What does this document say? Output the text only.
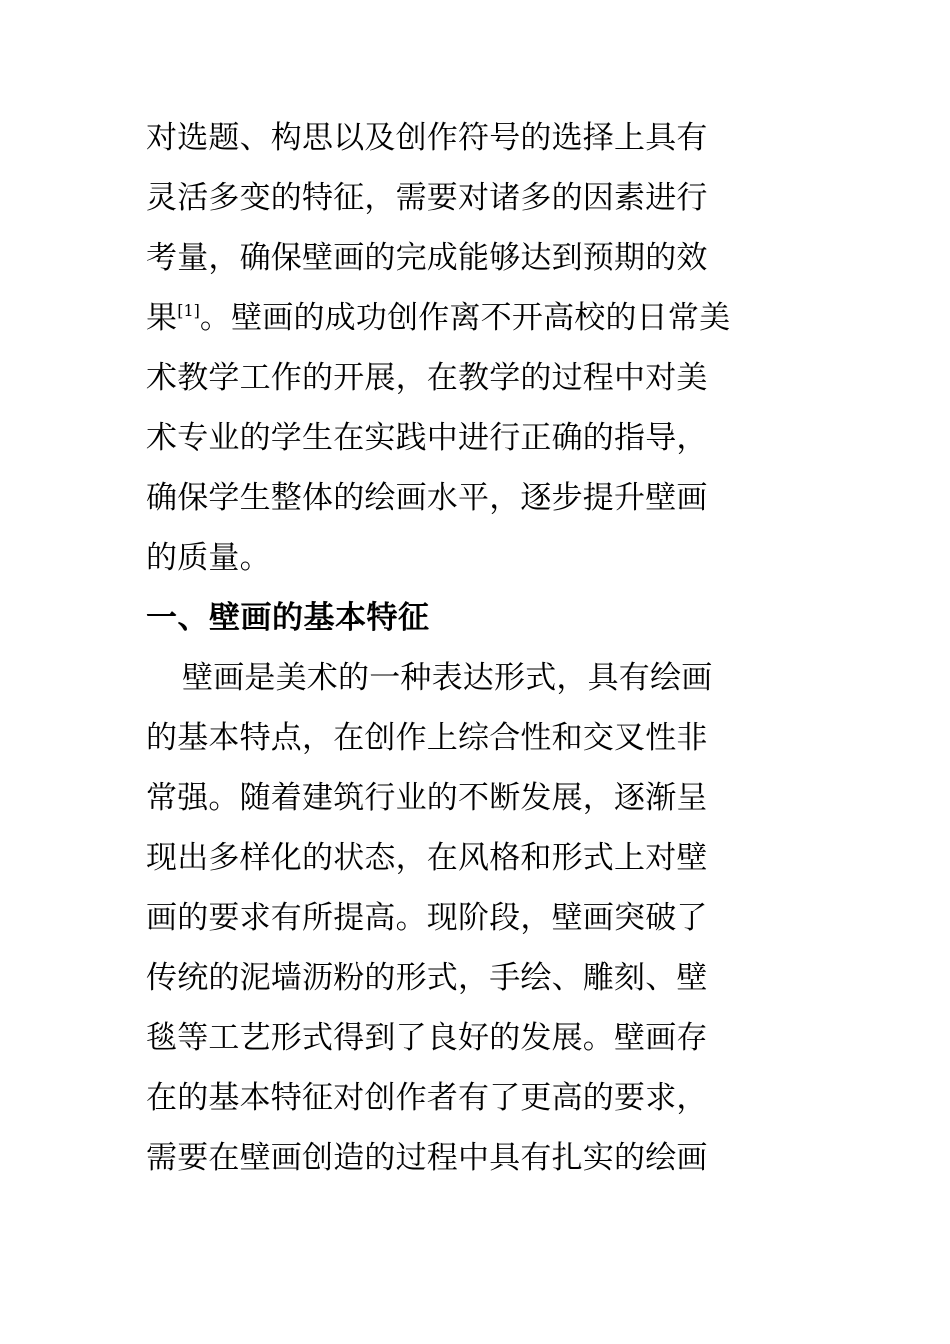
对选题、构思以及创作符号的选择上具有
灵活多变的特征，需要对诸多的因素进行
考量，确保壁画的完成能够达到预期的效
果[1]。壁画的成功创作离不开高校的日常美
术教学工作的开展，在教学的过程中对美
术专业的学生在实践中进行正确的指导，
确保学生整体的绘画水平，逐步提升壁画
的质量。
一、壁画的基本特征
壁画是美术的一种表达形式，具有绘画
的基本特点，在创作上综合性和交叉性非
常强。随着建筑行业的不断发展，逐渐呈
现出多样化的状态，在风格和形式上对壁
画的要求有所提高。现阶段，壁画突破了
传统的泥墙沥粉的形式，手绘、雕刻、壁
毯等工艺形式得到了良好的发展。壁画存
在的基本特征对创作者有了更高的要求，
需要在壁画创造的过程中具有扎实的绘画
